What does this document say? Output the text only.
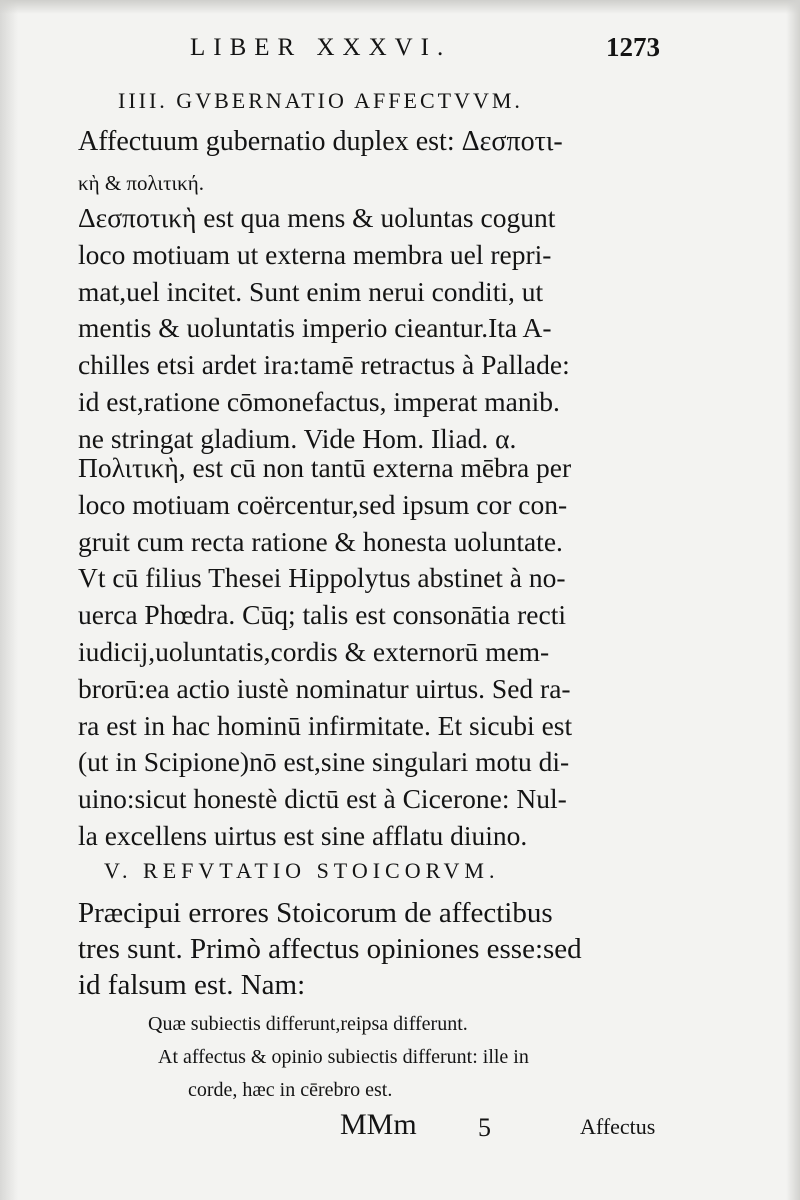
LIBER XXXVI.	1273
IIII. GVBERNATIO AFFECTVVM.
Affectuum gubernatio duplex est: Δεσποτι-
κὴ & πολιτική.
Δεσποτικὴ est qua mens & uoluntas cogunt
loco motiuam ut externa membra uel repri-
mat,uel incitet. Sunt enim nerui conditi, ut
mentis & uoluntatis imperio cieantur.Ita A-
chilles etsi ardet ira:tamē retractus à Pallade:
id est,ratione cōmonefactus, imperat manib.
ne stringat gladium. Vide Hom. Iliad. α.
Πολιτικὴ, est cū non tantū externa mēbra per
loco motiuam coërcentur,sed ipsum cor con-
gruit cum recta ratione & honesta uoluntate.
Vt cū filius Thesei Hippolytus abstinet à no-
uerca Phœdra. Cūq; talis est consonātia recti
iudicij,uoluntatis,cordis & externorū mem-
brorū:ea actio iustè nominatur uirtus. Sed ra-
ra est in hac hominū infirmitate. Et sicubi est
(ut in Scipione)nō est,sine singulari motu di-
uino:sicut honestè dictū est à Cicerone: Nul-
la excellens uirtus est sine afflatu diuino.
V. REFVTATIO STOICORVM.
Præcipui errores Stoicorum de affectibus
tres sunt. Primò affectus opiniones esse:sed
id falsum est. Nam:
Quæ subiectis differunt,reipsa differunt.
At affectus & opinio subiectis differunt: ille in
corde, hæc in cērebro est.
MMm 5	Affectus
